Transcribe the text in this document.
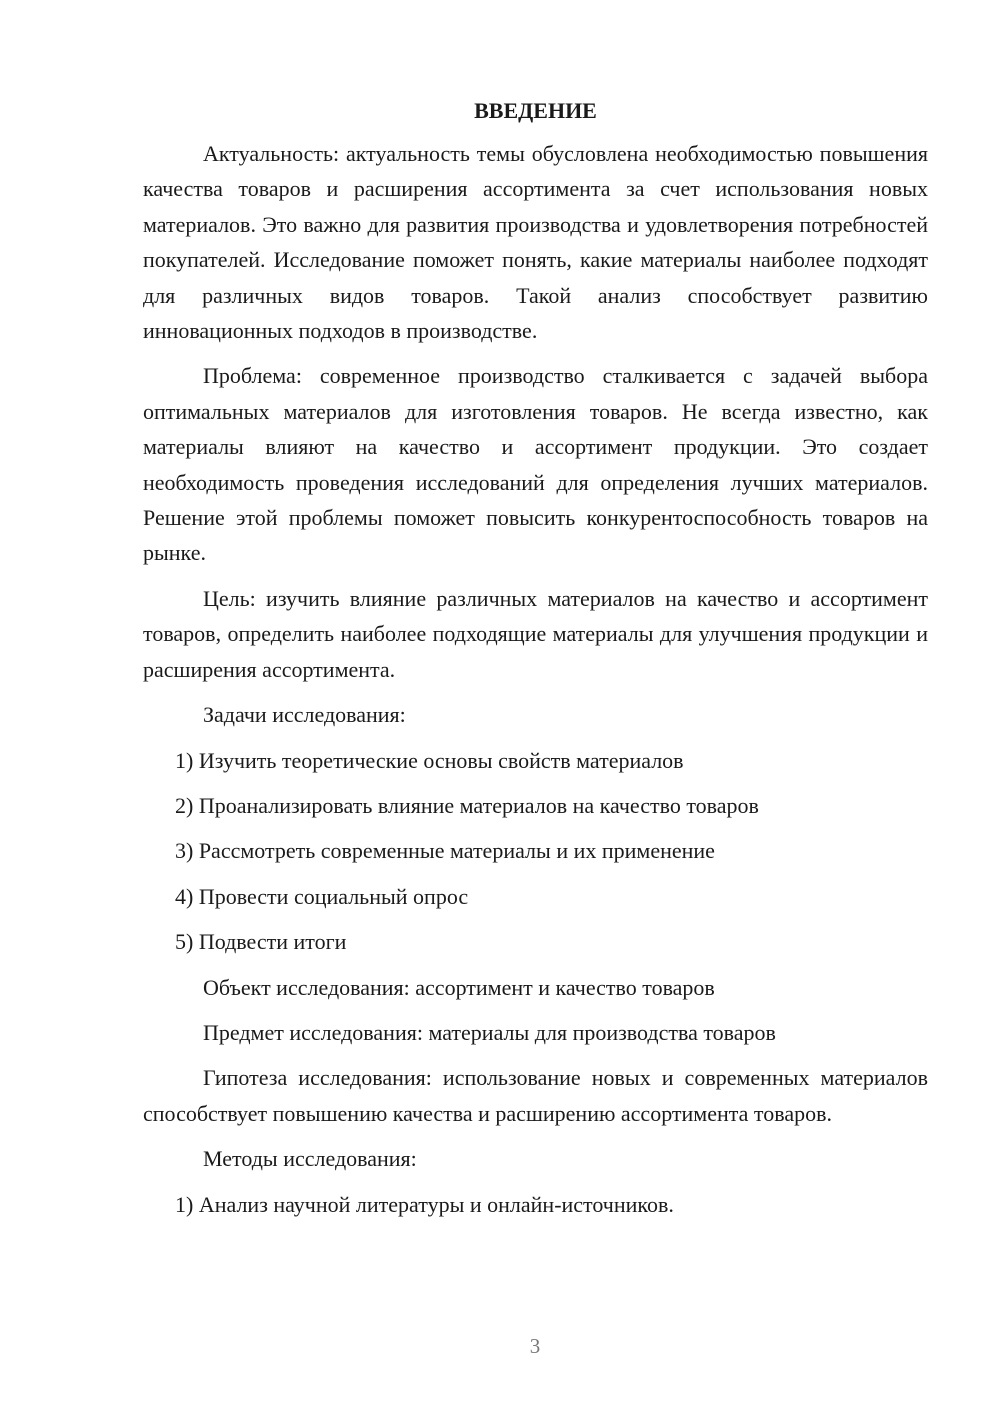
ВВЕДЕНИЕ
Актуальность: актуальность темы обусловлена необходимостью повышения качества товаров и расширения ассортимента за счет использования новых материалов. Это важно для развития производства и удовлетворения потребностей покупателей. Исследование поможет понять, какие материалы наиболее подходят для различных видов товаров. Такой анализ способствует развитию инновационных подходов в производстве.
Проблема: современное производство сталкивается с задачей выбора оптимальных материалов для изготовления товаров. Не всегда известно, как материалы влияют на качество и ассортимент продукции. Это создает необходимость проведения исследований для определения лучших материалов. Решение этой проблемы поможет повысить конкурентоспособность товаров на рынке.
Цель: изучить влияние различных материалов на качество и ассортимент товаров, определить наиболее подходящие материалы для улучшения продукции и расширения ассортимента.
Задачи исследования:
1) Изучить теоретические основы свойств материалов
2) Проанализировать влияние материалов на качество товаров
3) Рассмотреть современные материалы и их применение
4) Провести социальный опрос
5) Подвести итоги
Объект исследования: ассортимент и качество товаров
Предмет исследования: материалы для производства товаров
Гипотеза исследования: использование новых и современных материалов способствует повышению качества и расширению ассортимента товаров.
Методы исследования:
1) Анализ научной литературы и онлайн-источников.
3
